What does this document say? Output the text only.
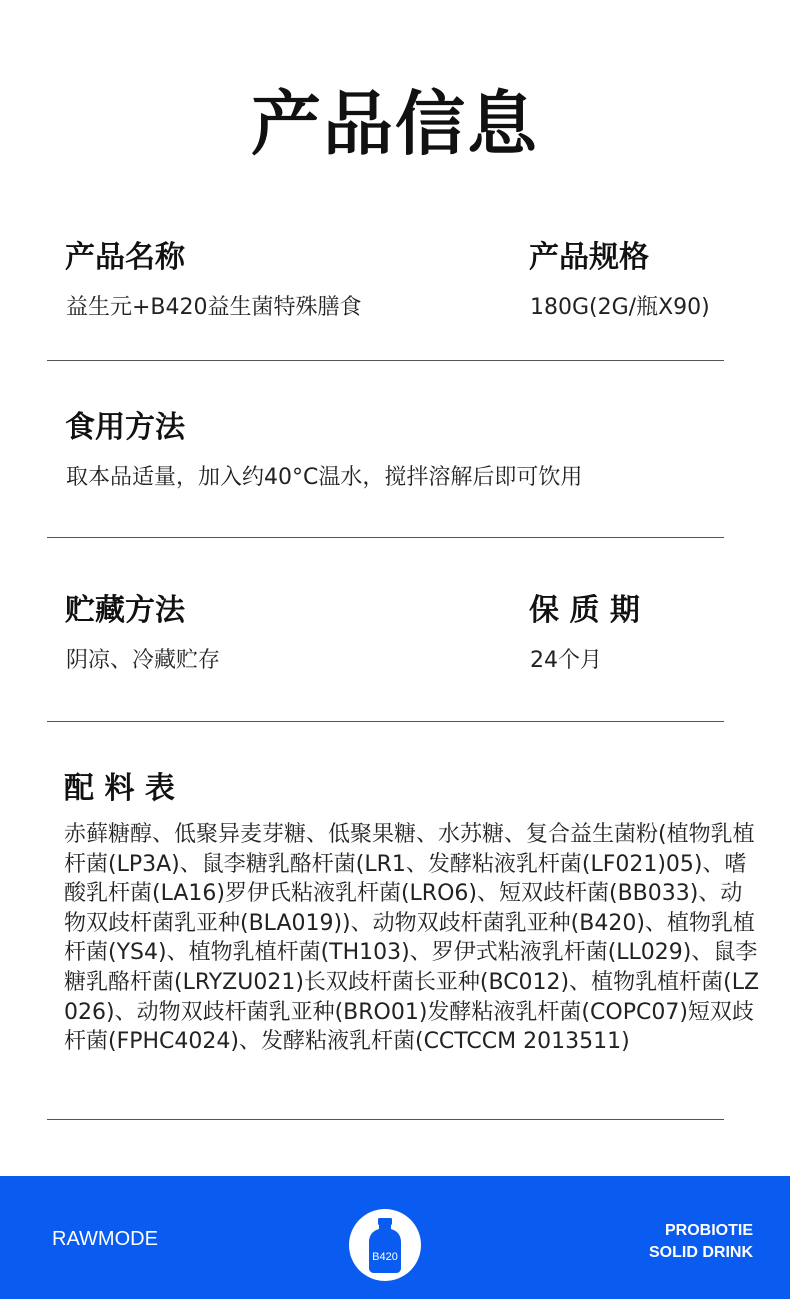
产品信息
产品名称
益生元+B420益生菌特殊膳食
产品规格
180G(2G/瓶X90)
食用方法
取本品适量，加入约40°C温水，搅拌溶解后即可饮用
贮藏方法
阴凉、冷藏贮存
保 质 期
24个月
配 料 表
赤藓糖醇、低聚异麦芽糖、低聚果糖、水苏糖、复合益生菌粉(植物乳植杆菌(LP3A)、鼠李糖乳酪杆菌(LR1、发酵粘液乳杆菌(LF021)05)、嗜酸乳杆菌(LA16)罗伊氏粘液乳杆菌(LRO6)、短双歧杆菌(BB033)、动物双歧杆菌乳亚种(BLA019))、动物双歧杆菌乳亚种(B420)、植物乳植杆菌(YS4)、植物乳植杆菌(TH103)、罗伊式粘液乳杆菌(LL029)、鼠李糖乳酪杆菌(LRYZU021)长双歧杆菌长亚种(BC012)、植物乳植杆菌(LZ026)、动物双歧杆菌乳亚种(BRO01)发酵粘液乳杆菌(COPC07)短双歧杆菌(FPHC4024)、发酵粘液乳杆菌(CCTCCM 2013511)
RAWMODE
B420
PROBIOTIE
SOLID DRINK
